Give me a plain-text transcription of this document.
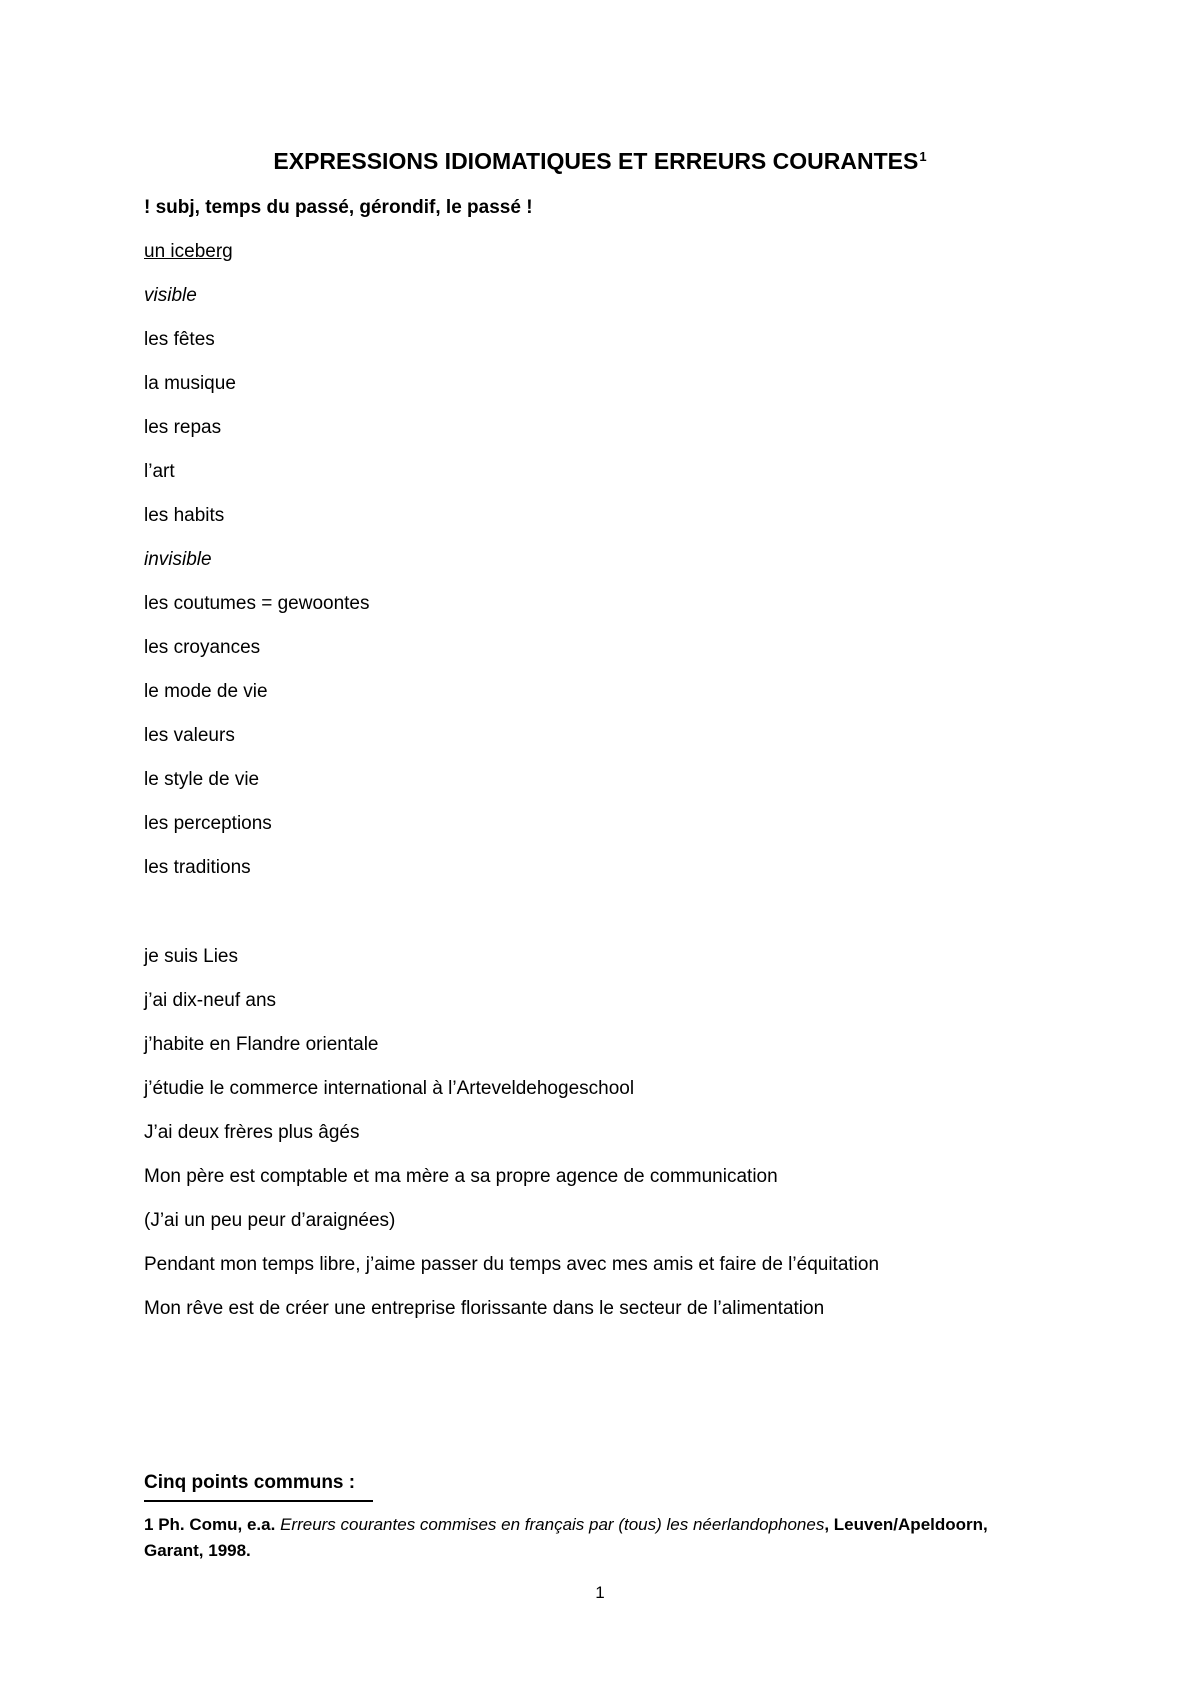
EXPRESSIONS IDIOMATIQUES ET ERREURS COURANTES$^1$
! subj, temps du passé, gérondif, le passé !
un iceberg
visible
les fêtes
la musique
les repas
l’art
les habits
invisible
les coutumes = gewoontes
les croyances
le mode de vie
les valeurs
le style de vie
les perceptions
les traditions
je suis Lies
j’ai dix-neuf ans
j’habite en Flandre orientale
j’étudie le commerce international à l’Arteveldehogeschool
J’ai deux frères plus âgés
Mon père est comptable et ma mère a sa propre agence de communication
(J’ai un peu peur d’araignées)
Pendant mon temps libre, j’aime passer du temps avec mes amis et faire de l’équitation
Mon rêve est de créer une entreprise florissante dans le secteur de l’alimentation
Cinq points communs :
1 Ph. Comu, e.a. Erreurs courantes commises en français par (tous) les néerlandophones, Leuven/Apeldoorn, Garant, 1998.
1
